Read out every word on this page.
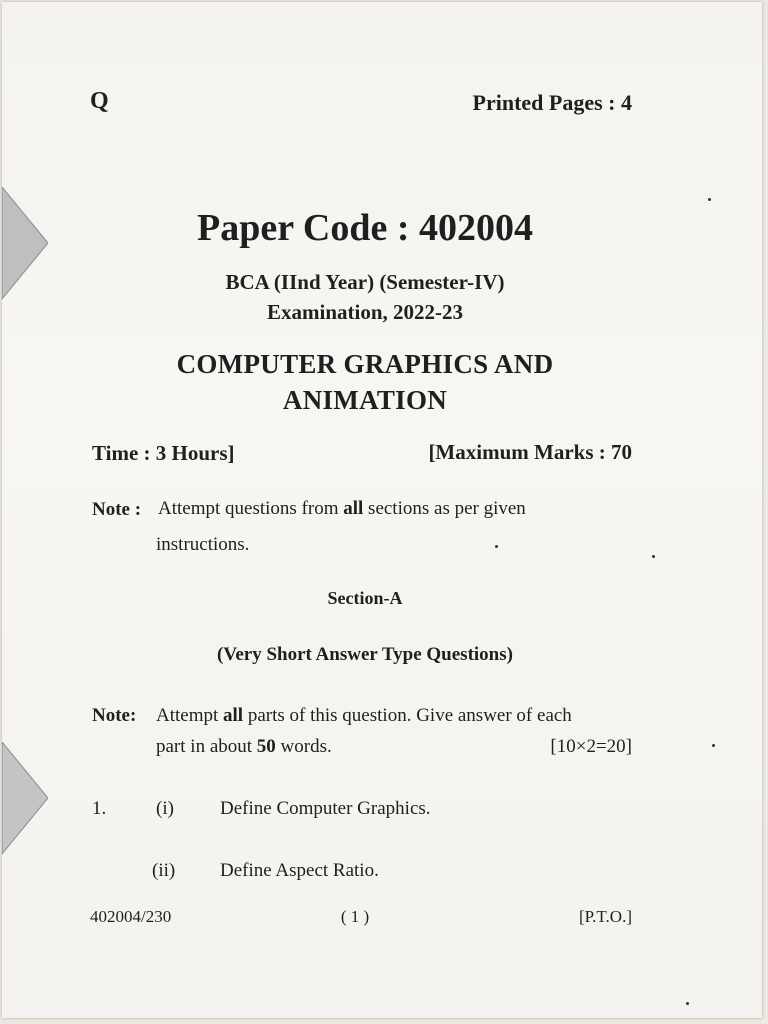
Q	Printed Pages : 4
Paper Code : 402004
BCA (IInd Year) (Semester-IV)
Examination, 2022-23
COMPUTER GRAPHICS AND
ANIMATION
Time : 3 Hours]	[Maximum Marks : 70
Note : Attempt questions from all sections as per given
instructions.
Section-A
(Very Short Answer Type Questions)
Note: Attempt all parts of this question. Give answer of each
part in about 50 words.	[10×2=20]
1.	(i) Define Computer Graphics.
(ii) Define Aspect Ratio.
402004/230	( 1 )	[P.T.O.]
